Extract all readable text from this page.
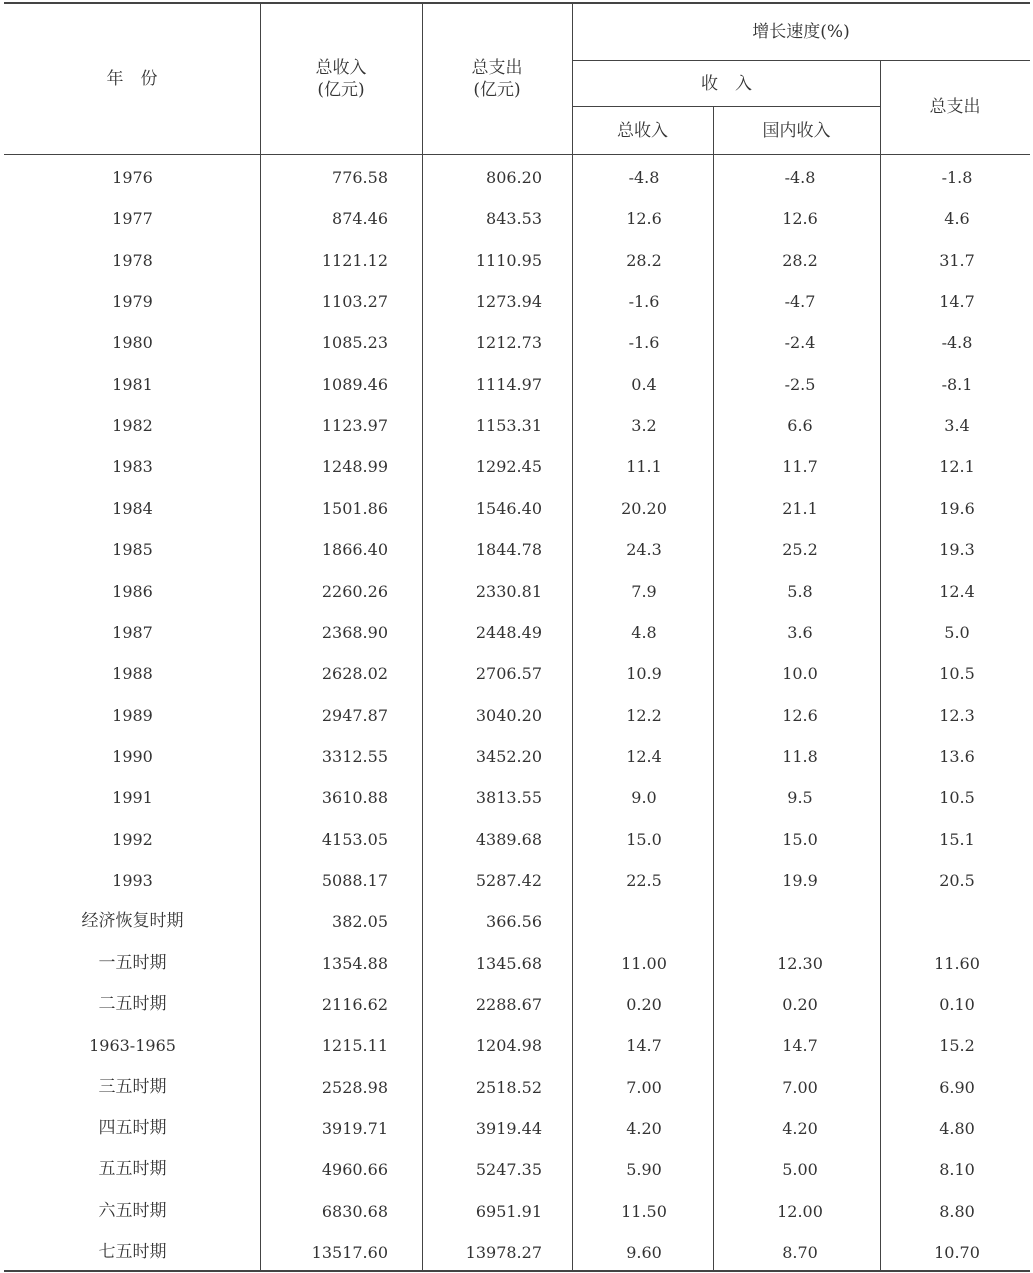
年　份
总收入
(亿元)
总支出
(亿元)
增长速度(%)
收　入
总收入	国内收入
总支出
1976	776.58	806.20	-4.8	-4.8	-1.8
1977	874.46	843.53	12.6	12.6	4.6
1978	1121.12	1110.95	28.2	28.2	31.7
1979	1103.27	1273.94	-1.6	-4.7	14.7
1980	1085.23	1212.73	-1.6	-2.4	-4.8
1981	1089.46	1114.97	0.4	-2.5	-8.1
1982	1123.97	1153.31	3.2	6.6	3.4
1983	1248.99	1292.45	11.1	11.7	12.1
1984	1501.86	1546.40	20.20	21.1	19.6
1985	1866.40	1844.78	24.3	25.2	19.3
1986	2260.26	2330.81	7.9	5.8	12.4
1987	2368.90	2448.49	4.8	3.6	5.0
1988	2628.02	2706.57	10.9	10.0	10.5
1989	2947.87	3040.20	12.2	12.6	12.3
1990	3312.55	3452.20	12.4	11.8	13.6
1991	3610.88	3813.55	9.0	9.5	10.5
1992	4153.05	4389.68	15.0	15.0	15.1
1993	5088.17	5287.42	22.5	19.9	20.5
经济恢复时期	382.05	366.56
一五时期	1354.88	1345.68	11.00	12.30	11.60
二五时期	2116.62	2288.67	0.20	0.20	0.10
1963-1965	1215.11	1204.98	14.7	14.7	15.2
三五时期	2528.98	2518.52	7.00	7.00	6.90
四五时期	3919.71	3919.44	4.20	4.20	4.80
五五时期	4960.66	5247.35	5.90	5.00	8.10
六五时期	6830.68	6951.91	11.50	12.00	8.80
七五时期	13517.60	13978.27	9.60	8.70	10.70
